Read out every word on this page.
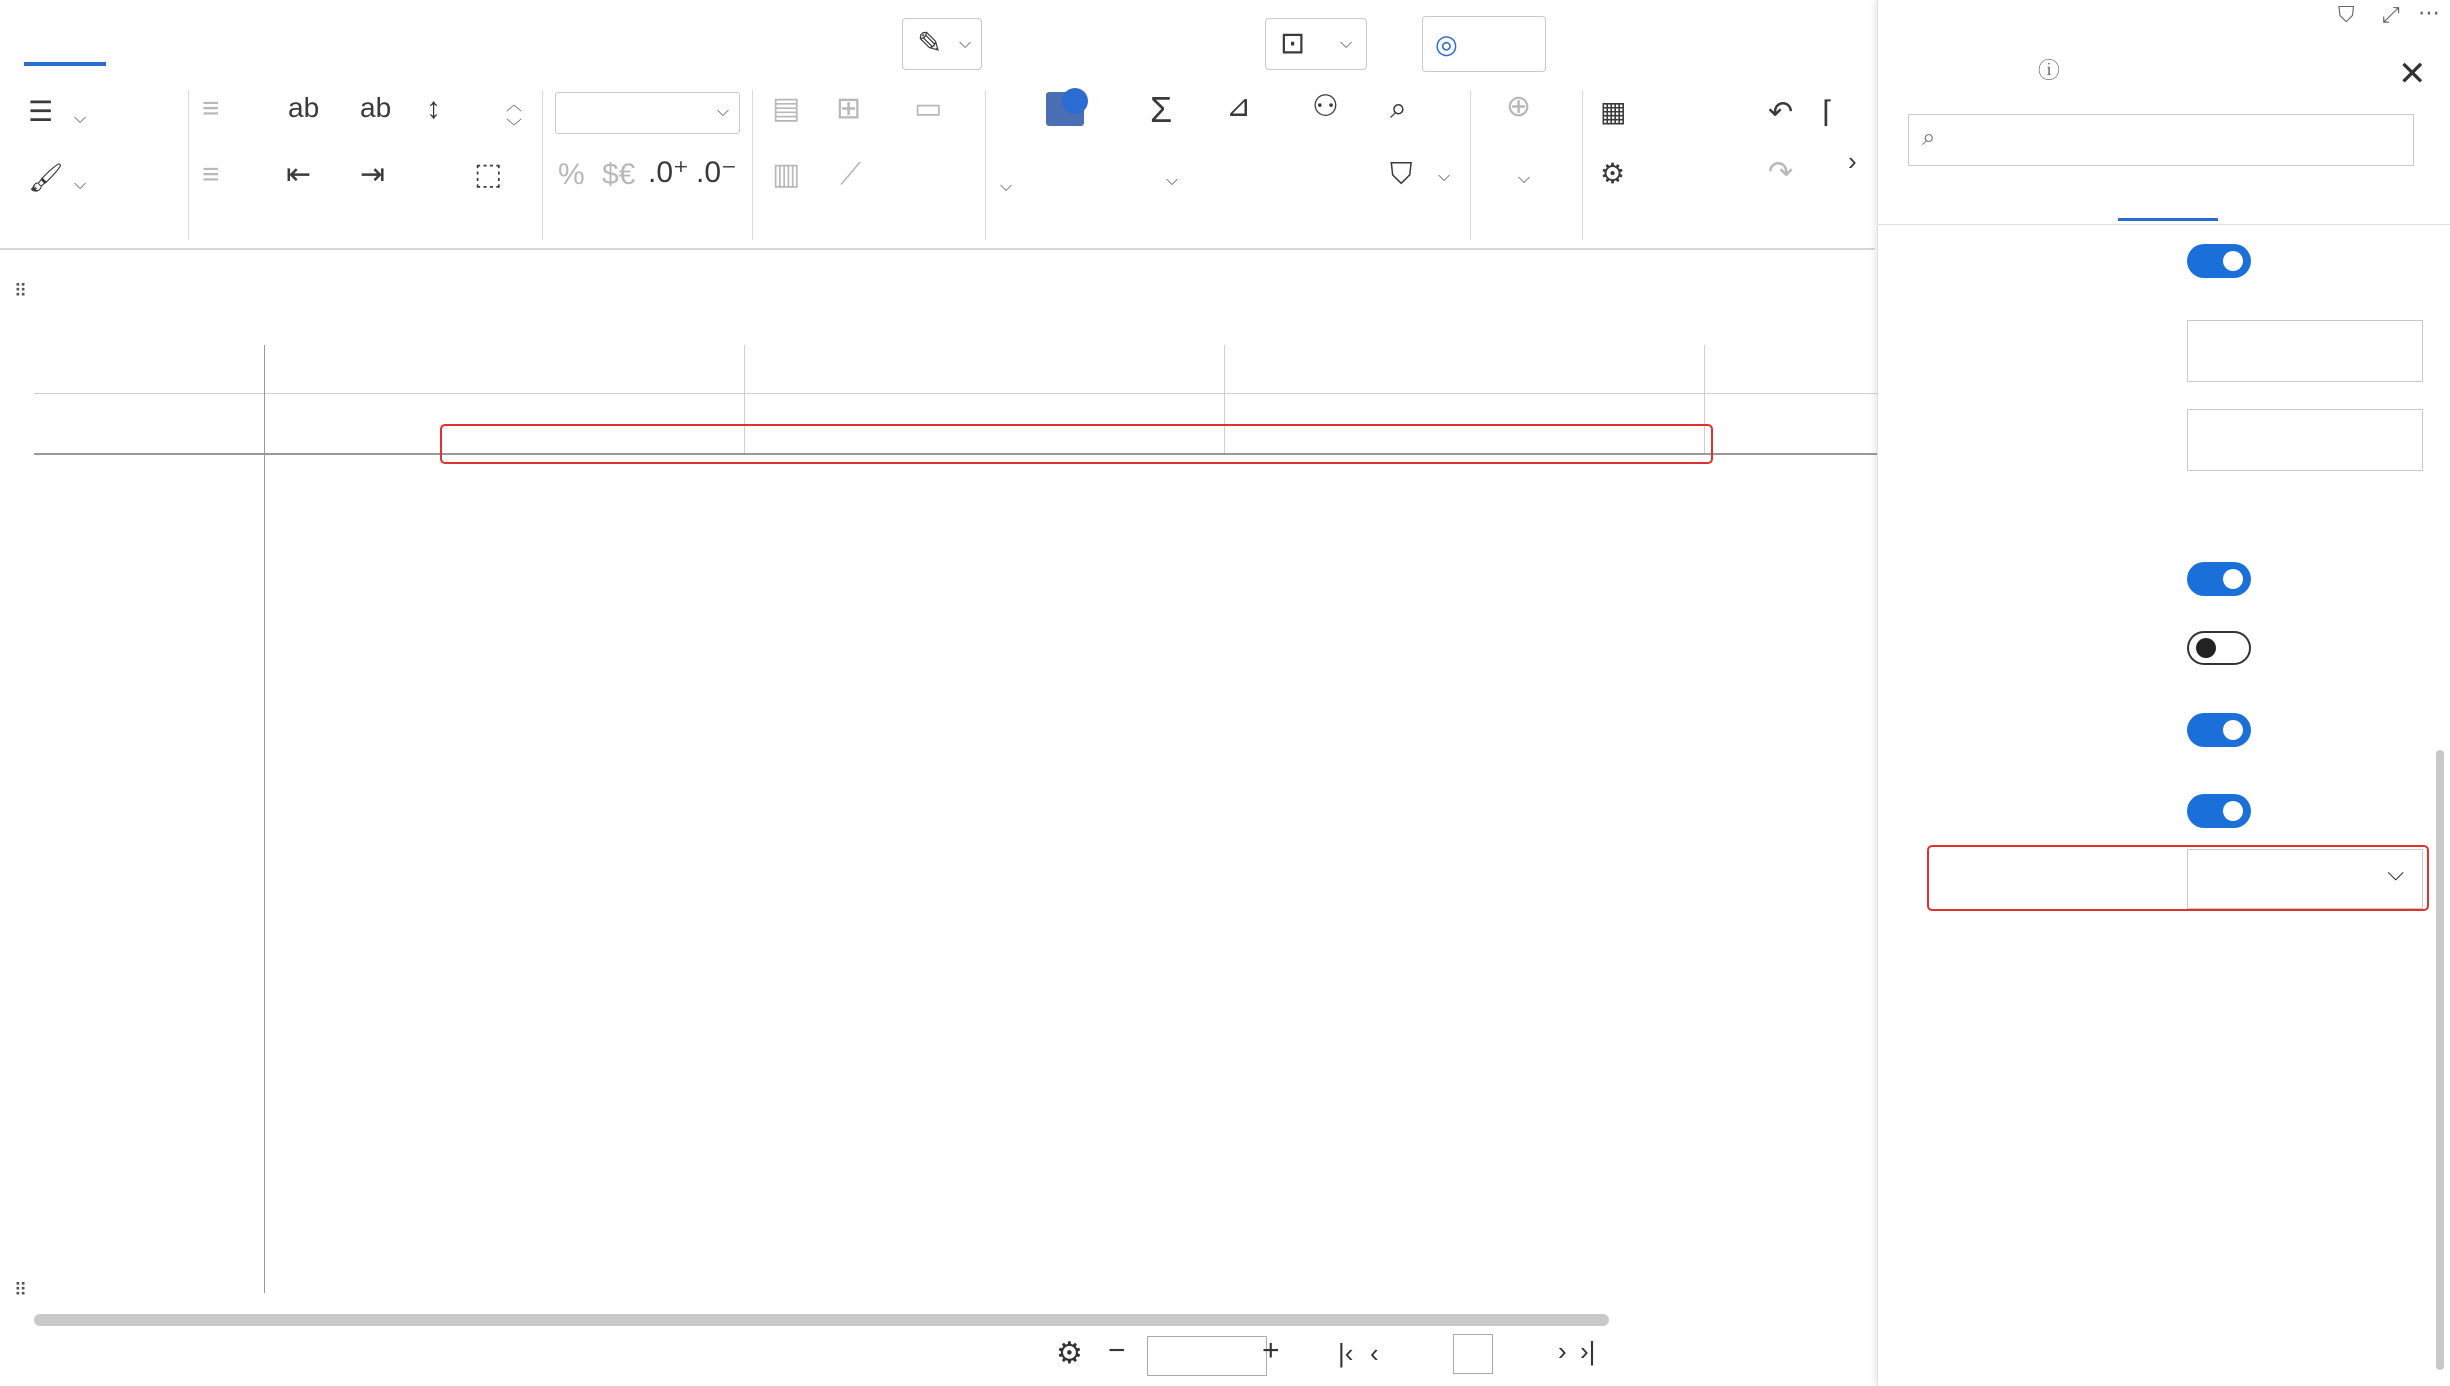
✎ ⌵	⊡ ⌵	◎
☰ ⌵
🖌 ⌵
≡
≡
ab ab ↕	︿
﹀
⇤ ⇥	⬚
⌵
% $€ .0⁺ .0⁻
▤ ⊞ ▭
▥ ⟋	⌵
Σ
⌵
⊿ ⚇ ⌕
⛉ ⌵
⊕
⌵
▦
⚙
↶
↷
⌈
›
⠿
⠿
⚙ −	+ |‹ ‹	› ›|
⛉ ⤢ ⋯
ⓘ	✕
⌕
⌵
